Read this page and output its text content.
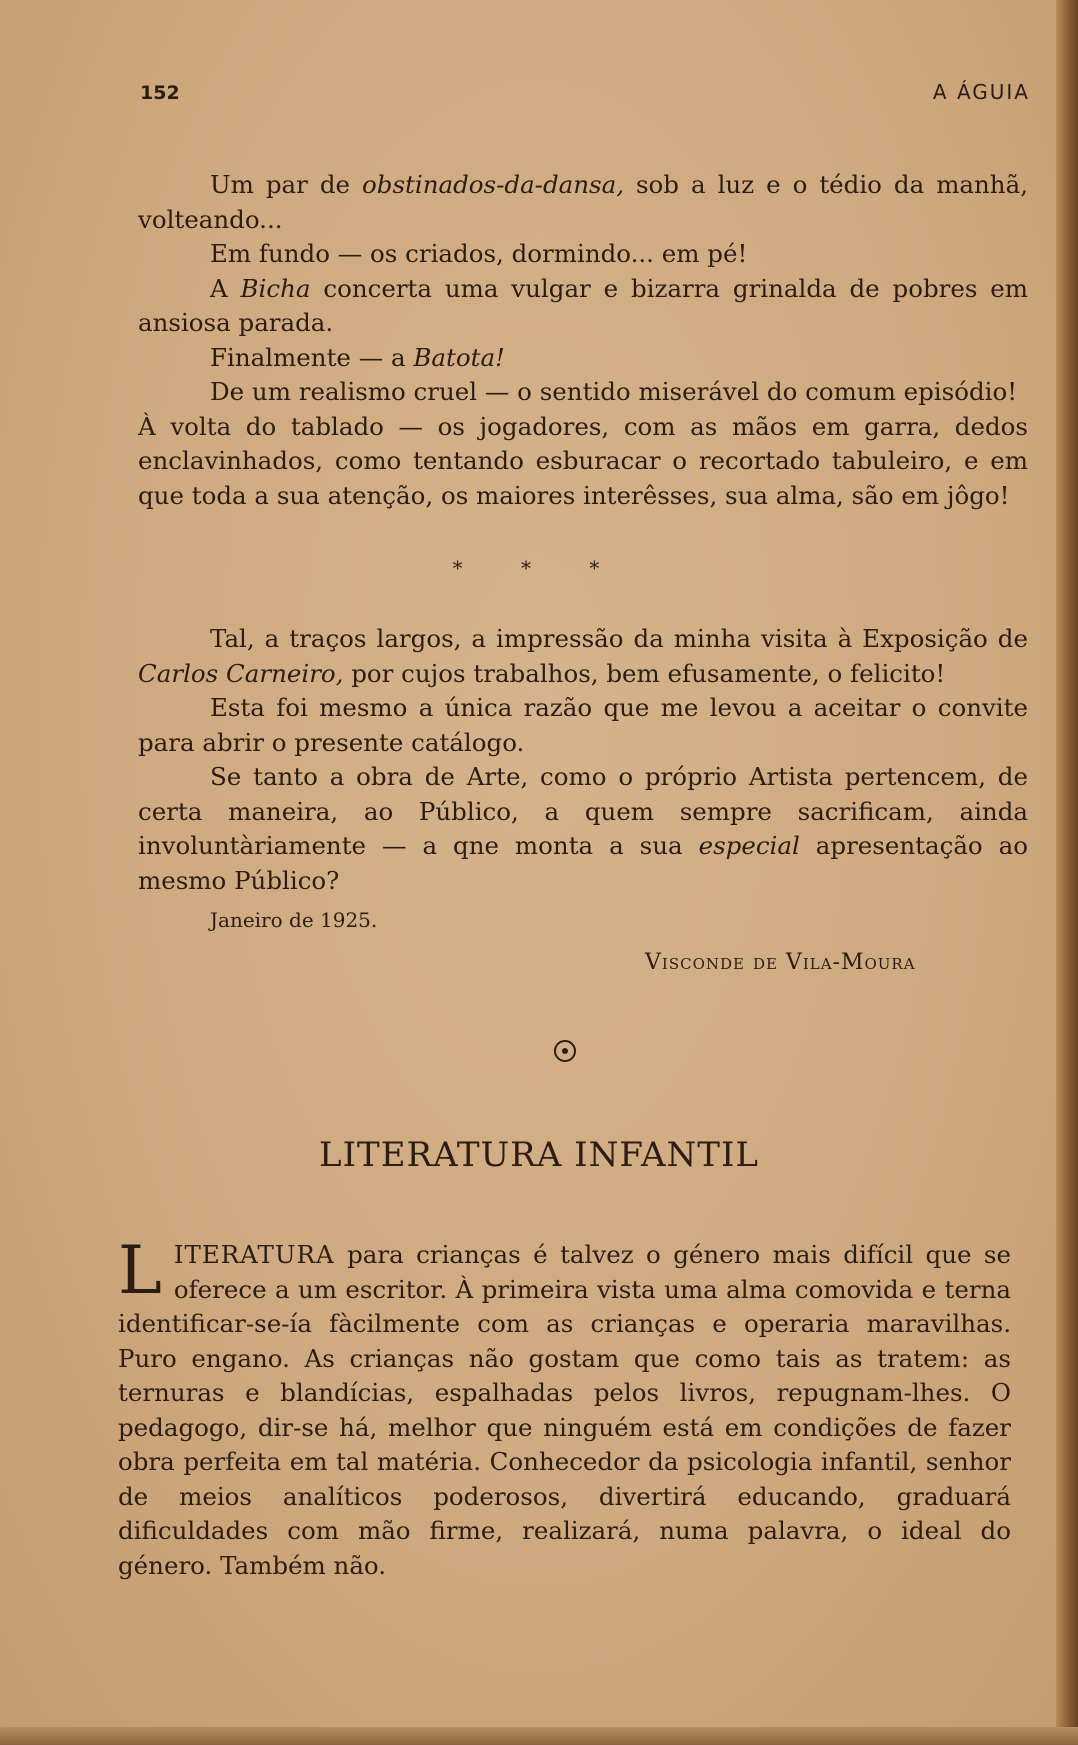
152	A ÁGUIA

Um par de obstinados-da-dansa, sob a luz e o tédio da manhã, volteando...

Em fundo — os criados, dormindo... em pé!

A Bicha concerta uma vulgar e bizarra grinalda de pobres em ansiosa parada.

Finalmente — a Batota!

De um realismo cruel — o sentido miserável do comum episódio!

À volta do tablado — os jogadores, com as mãos em garra, dedos enclavinhados, como tentando esburacar o recortado tabuleiro, e em que toda a sua atenção, os maiores interêsses, sua alma, são em jôgo!

* * *

Tal, a traços largos, a impressão da minha visita à Exposição de Carlos Carneiro, por cujos trabalhos, bem efusamente, o felicito!

Esta foi mesmo a única razão que me levou a aceitar o convite para abrir o presente catálogo.

Se tanto a obra de Arte, como o próprio Artista pertencem, de certa maneira, ao Público, a quem sempre sacrificam, ainda involuntàriamente — a qne monta a sua especial apresentação ao mesmo Público?

Janeiro de 1925.
Visconde de Vila-Moura
LITERATURA INFANTIL

LITERATURA para crianças é talvez o género mais difícil que se oferece a um escritor. À primeira vista uma alma comovida e terna identificar-se-ía fàcilmente com as crianças e operaria maravilhas. Puro engano. As crianças não gostam que como tais as tratem: as ternuras e blandícias, espalhadas pelos livros, repugnam-lhes. O pedagogo, dir-se há, melhor que ninguém está em condições de fazer obra perfeita em tal matéria. Conhecedor da psicologia infantil, senhor de meios analíticos poderosos, divertirá educando, graduará dificuldades com mão firme, realizará, numa palavra, o ideal do género. Também não.
